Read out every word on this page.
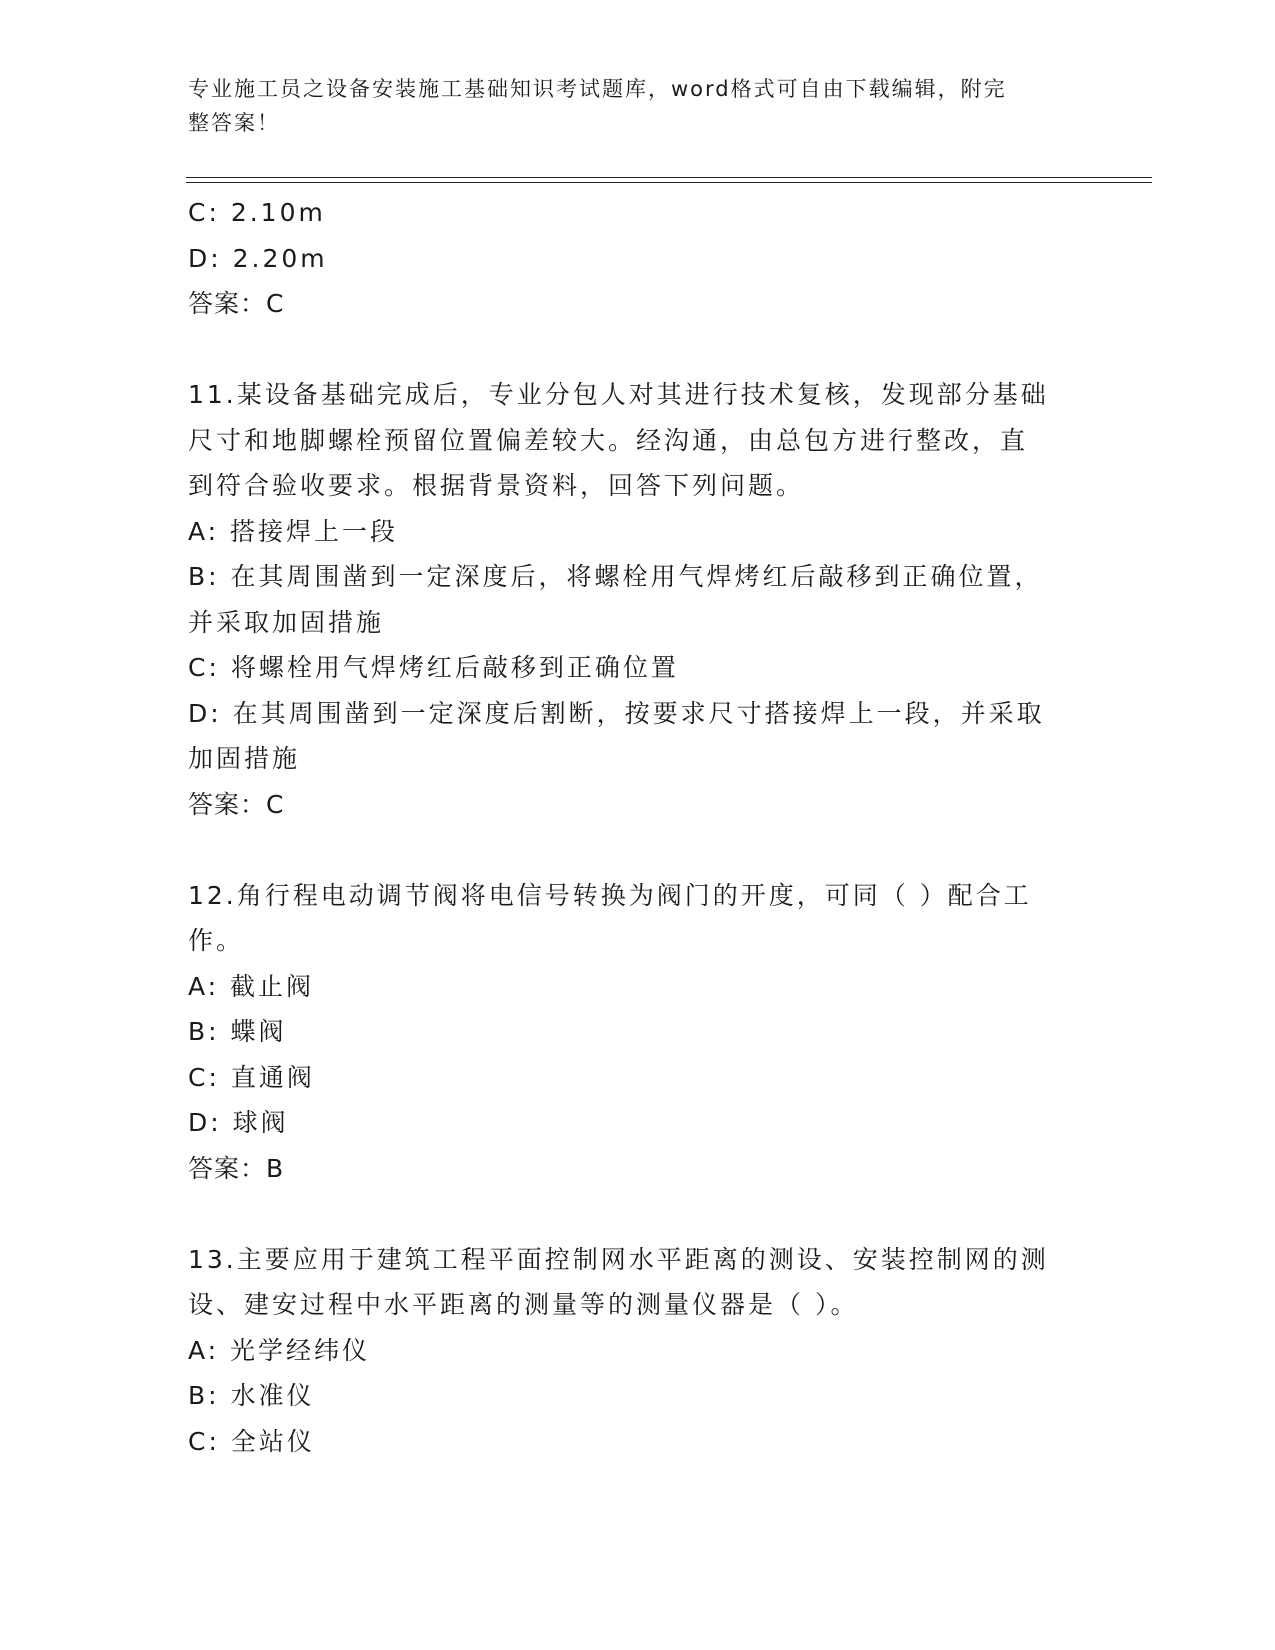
专业施工员之设备安装施工基础知识考试题库，word格式可自由下载编辑，附完
整答案！
C: 2.10m
D: 2.20m
答案：C
11.某设备基础完成后，专业分包人对其进行技术复核，发现部分基础
尺寸和地脚螺栓预留位置偏差较大。经沟通，由总包方进行整改，直
到符合验收要求。根据背景资料，回答下列问题。
A: 搭接焊上一段
B: 在其周围凿到一定深度后，将螺栓用气焊烤红后敲移到正确位置，
并采取加固措施
C: 将螺栓用气焊烤红后敲移到正确位置
D: 在其周围凿到一定深度后割断，按要求尺寸搭接焊上一段，并采取
加固措施
答案：C
12.角行程电动调节阀将电信号转换为阀门的开度，可同（ ）配合工
作。
A: 截止阀
B: 蝶阀
C: 直通阀
D: 球阀
答案：B
13.主要应用于建筑工程平面控制网水平距离的测设、安装控制网的测
设、建安过程中水平距离的测量等的测量仪器是（ ）。
A: 光学经纬仪
B: 水准仪
C: 全站仪
